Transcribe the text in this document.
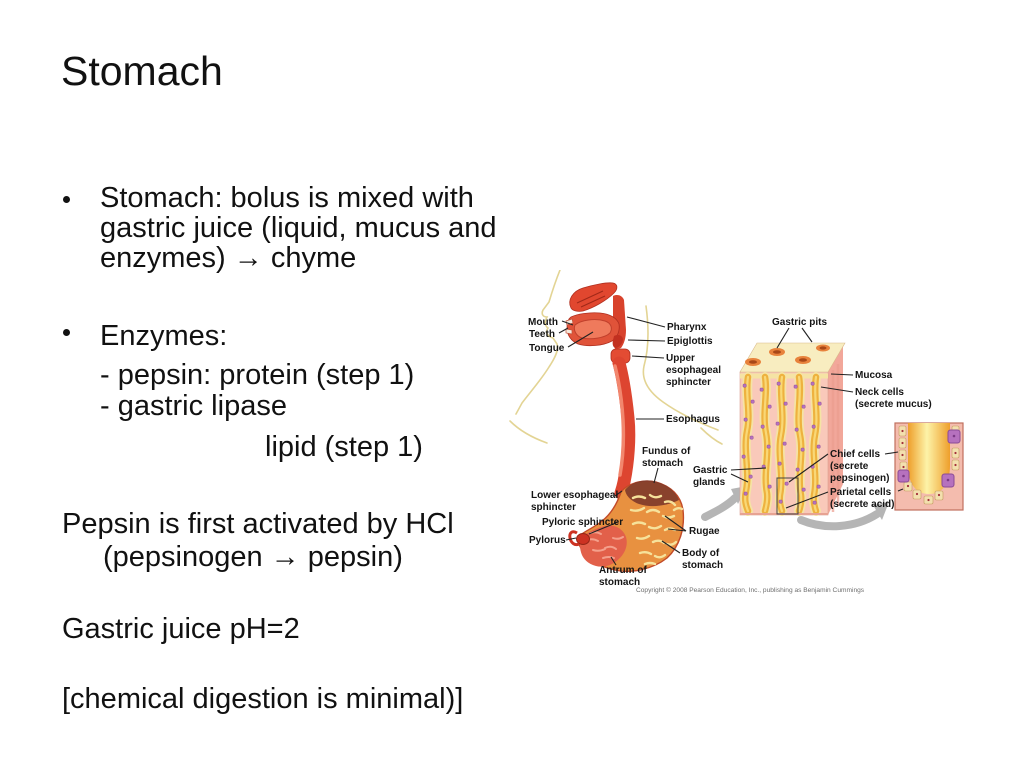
Stomach
Stomach: bolus is mixed with
gastric juice (liquid, mucus and
enzymes) → chyme
Enzymes:
- pepsin: protein (step 1)
- gastric lipase
lipid (step 1)
Pepsin is first activated by HCl
(pepsinogen → pepsin)
Gastric juice pH=2
[chemical digestion is minimal)]
Mouth
Teeth
Tongue
Pharynx
Epiglottis
Upper
esophageal
sphincter
Esophagus
Fundus of
stomach
Gastric
glands
Lower esophageal
sphincter
Pyloric sphincter
Pylorus
Rugae
Body of
stomach
Antrum of
stomach
Gastric pits
Mucosa
Neck cells
(secrete mucus)
Chief cells
(secrete
pepsinogen)
Parietal cells
(secrete acid)
Copyright © 2008 Pearson Education, Inc., publishing as Benjamin Cummings
